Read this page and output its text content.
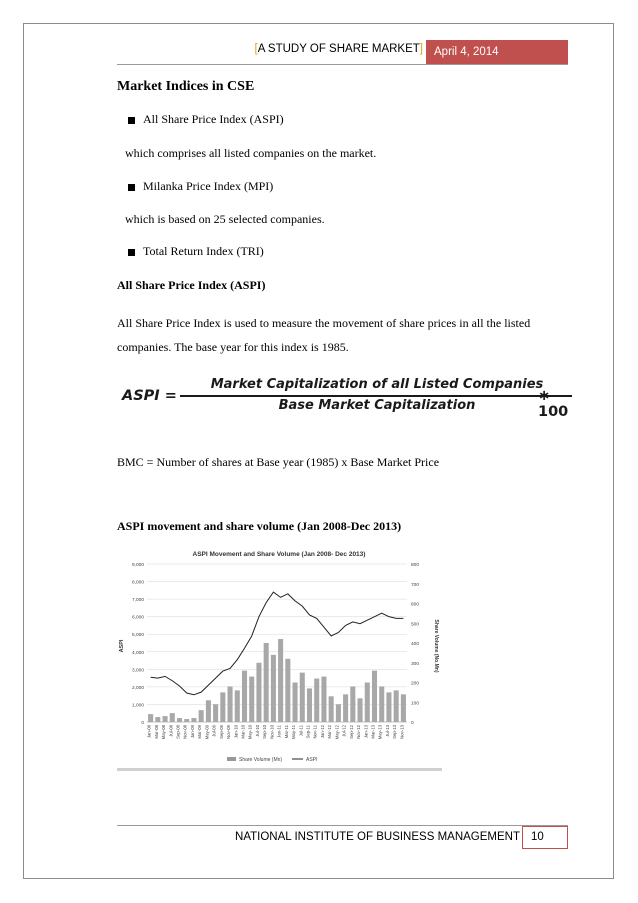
[A STUDY OF SHARE MARKET] April 4, 2014
Market Indices in CSE
All Share Price Index (ASPI)
which comprises all listed companies on the market.
Milanka Price Index (MPI)
which is based on 25 selected companies.
Total Return Index (TRI)
All Share Price Index (ASPI)
All Share Price Index is used to measure the movement of share prices in all the listed companies. The base year for this index is 1985.
ASPI =
Market Capitalization of all Listed Companies
Base Market Capitalization
∗ 100
BMC = Number of shares at Base year (1985) x Base Market Price
ASPI movement and share volume (Jan 2008-Dec 2013)
ASPI Movement and Share Volume (Jan 2008- Dec 2013)
0
1,000
2,000
3,000
4,000
5,000
6,000
7,000
8,000
9,000
0
100
200
300
400
500
600
700
800
Jan-08 Mar-08 May-08 Jul-08 Sep-08 Nov-08 Jan-09 Mar-09 May-09 Jul-09 Sep-09 Nov-09 Jan-10 Mar-10 May-10 Jul-10 Sep-10 Nov-10 Jan-11 Mar-11 May-11 Jul-11 Sep-11 Nov-11 Jan-12 Mar-12 May-12 Jul-12 Sep-12 Nov-12 Jan-13 Mar-13 May-13 Jul-13 Sep-13 Nov-13
ASPI	Share Volume (No.Mn)
Share Volume (Mn)	ASPI
NATIONAL INSTITUTE OF BUSINESS MANAGEMENT 10
